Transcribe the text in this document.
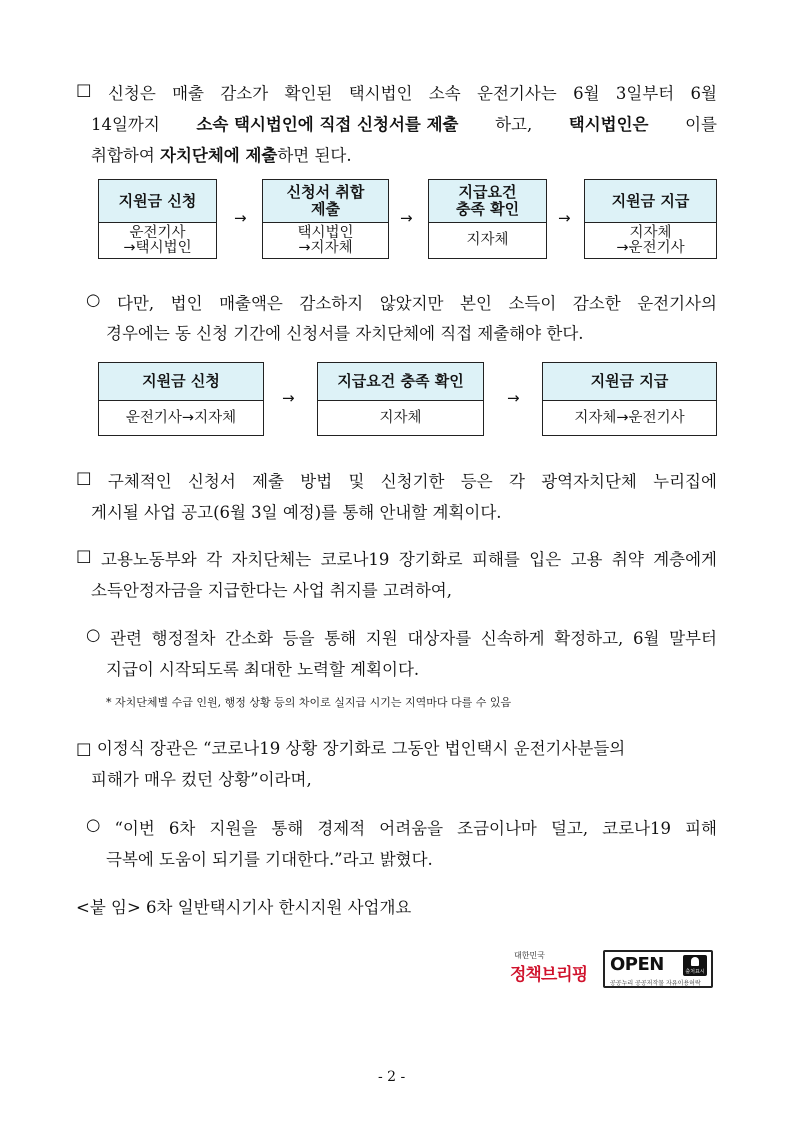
□ 신청은 매출 감소가 확인된 택시법인 소속 운전기사는 6월 3일부터 6월
14일까지 소속 택시법인에 직접 신청서를 제출 하고, 택시법인은 이를
취합하여 자치단체에 제출하면 된다.
지원금 신청
운전기사
→택시법인
→
신청서 취합
제출
택시법인
→지자체
→
지급요건
충족 확인
지자체
→
지원금 지급
지자체
→운전기사
○ 다만, 법인 매출액은 감소하지 않았지만 본인 소득이 감소한 운전기사의
경우에는 동 신청 기간에 신청서를 자치단체에 직접 제출해야 한다.
지원금 신청
운전기사→지자체
→
지급요건 충족 확인
지자체
→
지원금 지급
지자체→운전기사
□ 구체적인 신청서 제출 방법 및 신청기한 등은 각 광역자치단체 누리집에
게시될 사업 공고(6월 3일 예정)를 통해 안내할 계획이다.
□ 고용노동부와 각 자치단체는 코로나19 장기화로 피해를 입은 고용 취약 계층에게
소득안정자금을 지급한다는 사업 취지를 고려하여,
○ 관련 행정절차 간소화 등을 통해 지원 대상자를 신속하게 확정하고, 6월 말부터
지급이 시작되도록 최대한 노력할 계획이다.
* 자치단체별 수급 인원, 행정 상황 등의 차이로 실지급 시기는 지역마다 다를 수 있음
□ 이정식 장관은 “코로나19 상황 장기화로 그동안 법인택시 운전기사분들의
피해가 매우 컸던 상황”이라며,
○ “이번 6차 지원을 통해 경제적 어려움을 조금이나마 덜고, 코로나19 피해
극복에 도움이 되기를 기대한다.”라고 밝혔다.
<붙 임> 6차 일반택시기사 한시지원 사업개요
대한민국
정책브리핑 OPEN	출처표시
공공누리 공공저작물 자유이용허락
- 2 -
